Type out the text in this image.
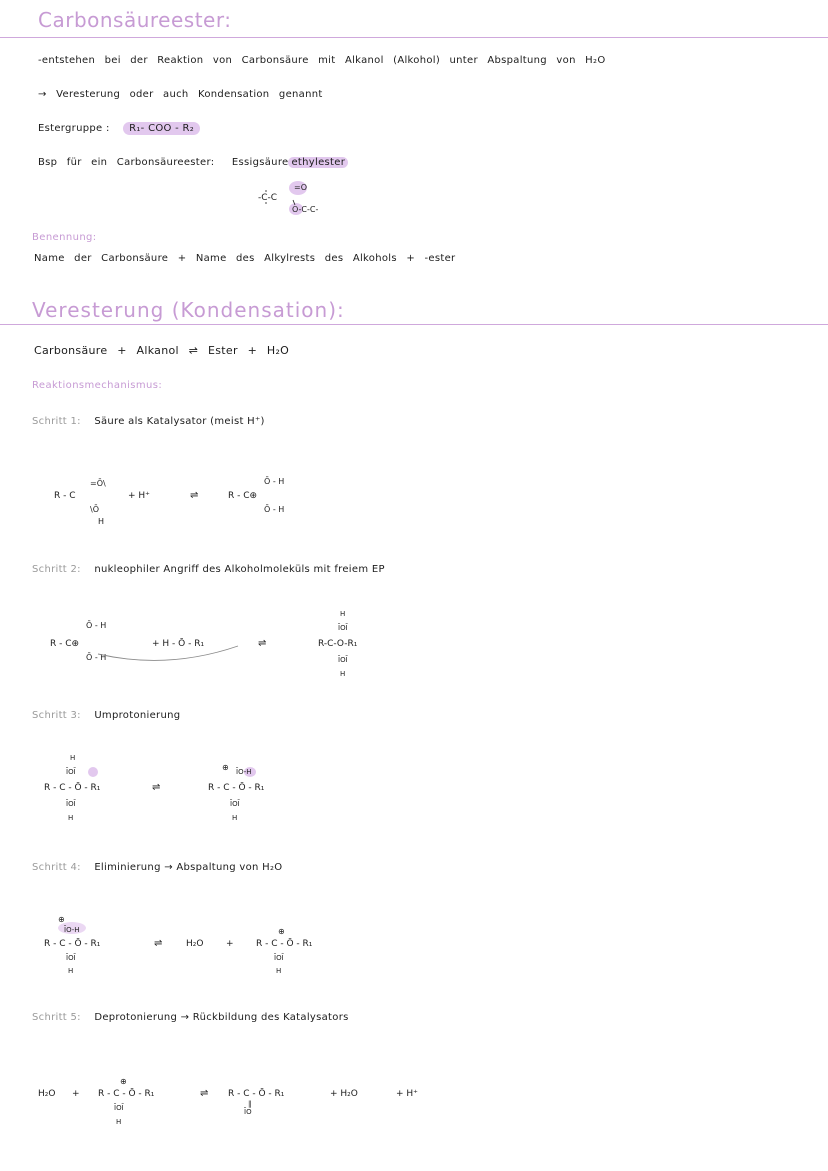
Carbonsäureester:
-entstehen bei der Reaktion von Carbonsäure mit Alkanol (Alkohol) unter Abspaltung von H₂O
→ Veresterung oder auch Kondensation genannt
Estergruppe : R₁- COO - R₂
Bsp für ein Carbonsäureester: Essigsäure ethylester
-C-C
=O
O-C-C-
Benennung:
Name der Carbonsäure + Name des Alkylrests des Alkohols + -ester
Veresterung (Kondensation):
Carbonsäure + Alkanol ⇌ Ester + H₂O
Reaktionsmechanismus:
Schritt 1: Säure als Katalysator (meist H⁺)
R - C
=Ō\
\Ō
H
+ H⁺	⇌	R - C⊕
Ō - H
Ō - H
Schritt 2: nukleophiler Angriff des Alkoholmoleküls mit freiem EP
R - C⊕
Ō - H
Ō - H
+ H - Ō - R₁	⇌
H
ĪOĪ
R-C-O-R₁
ĪOĪ
H
Schritt 3: Umprotonierung
H
ĪOĪ
R - C - Ō - R₁
ĪOĪ
H
⇌
⊕ ĪO-H
R - C - Ō - R₁
ĪOĪ
H
Schritt 4: Eliminierung → Abspaltung von H₂O
⊕
ĪO-H
R - C - Ō - R₁
ĪOĪ
H
⇌	H₂O	+
⊕
R - C - Ō - R₁
ĪOĪ
H
Schritt 5: Deprotonierung → Rückbildung des Katalysators
H₂O +
⊕
R - C - Ō - R₁
ĪOĪ
H
⇌ R - C - Ō - R₁
‖
ĪO
+ H₂O	+ H⁺
